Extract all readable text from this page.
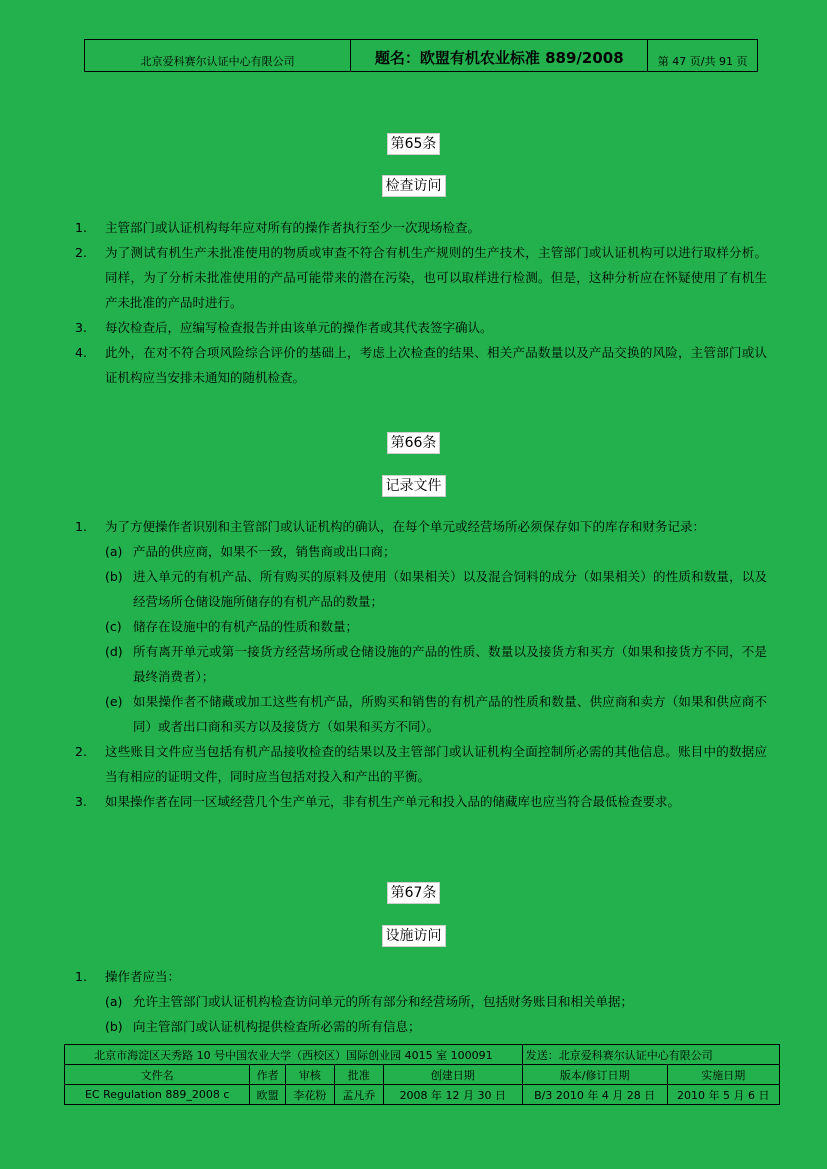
北京爱科赛尔认证中心有限公司	题名：欧盟有机农业标准 889/2008	第 47 页/共 91 页
第65条
检查访问
1.	主管部门或认证机构每年应对所有的操作者执行至少一次现场检查。
2.	为了测试有机生产未批准使用的物质或审查不符合有机生产规则的生产技术，主管部门或认证机构可以进行取样分析。同样，为了分析未批准使用的产品可能带来的潜在污染，也可以取样进行检测。但是，这种分析应在怀疑使用了有机生产未批准的产品时进行。
3.	每次检查后，应编写检查报告并由该单元的操作者或其代表签字确认。
4.	此外，在对不符合项风险综合评价的基础上，考虑上次检查的结果、相关产品数量以及产品交换的风险，主管部门或认证机构应当安排未通知的随机检查。
第66条
记录文件
1.	为了方便操作者识别和主管部门或认证机构的确认，在每个单元或经营场所必须保存如下的库存和财务记录：
(a) 产品的供应商，如果不一致，销售商或出口商；
(b) 进入单元的有机产品、所有购买的原料及使用（如果相关）以及混合饲料的成分（如果相关）的性质和数量，以及经营场所仓储设施所储存的有机产品的数量；
(c) 储存在设施中的有机产品的性质和数量；
(d) 所有离开单元或第一接货方经营场所或仓储设施的产品的性质、数量以及接货方和买方（如果和接货方不同，不是最终消费者）；
(e) 如果操作者不储藏或加工这些有机产品，所购买和销售的有机产品的性质和数量、供应商和卖方（如果和供应商不同）或者出口商和买方以及接货方（如果和买方不同）。
2.	这些账目文件应当包括有机产品接收检查的结果以及主管部门或认证机构全面控制所必需的其他信息。账目中的数据应当有相应的证明文件，同时应当包括对投入和产出的平衡。
3.	如果操作者在同一区域经营几个生产单元，非有机生产单元和投入品的储藏库也应当符合最低检查要求。
第67条
设施访问
1.	操作者应当：
(a) 允许主管部门或认证机构检查访问单元的所有部分和经营场所，包括财务账目和相关单据；
(b) 向主管部门或认证机构提供检查所必需的所有信息；
北京市海淀区天秀路 10 号中国农业大学（西校区）国际创业园 4015 室 100091					发送：北京爱科赛尔认证中心有限公司	
文件名	作者	审核	批准	创建日期	版本/修订日期	实施日期
EC Regulation 889_2008 c	欧盟	李花粉	孟凡乔	2008 年 12 月 30 日	B/3 2010 年 4 月 28 日	2010 年 5 月 6 日
